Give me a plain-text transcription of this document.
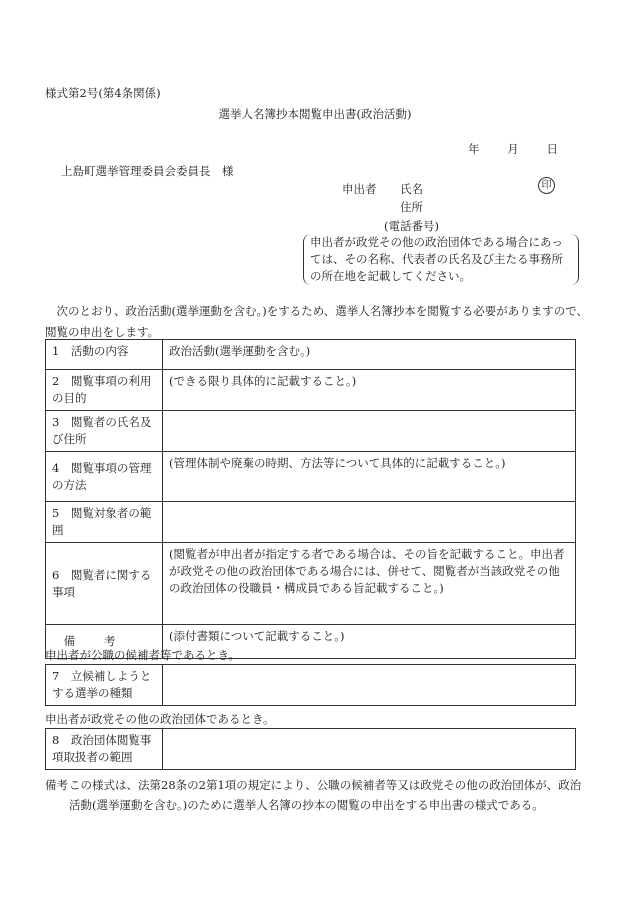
様式第2号(第4条関係)
選挙人名簿抄本閲覧申出書(政治活動)
年 月 日
上島町選挙管理委員会委員長　様
申出者 氏名	印
住所
(電話番号)
申出者が政党その他の政治団体である場合にあっては、その名称、代表者の氏名及び主たる事務所の所在地を記載してください。
次のとおり、政治活動(選挙運動を含む。)をするため、選挙人名簿抄本を閲覧する必要がありますので、閲覧の申出をします。
1　活動の内容	政治活動(選挙運動を含む。)
2　閲覧事項の利用の目的	(できる限り具体的に記載すること。)
3　閲覧者の氏名及び住所	
4　閲覧事項の管理の方法	(管理体制や廃棄の時期、方法等について具体的に記載すること。)
5　閲覧対象者の範囲	
6　閲覧者に関する事項	(閲覧者が申出者が指定する者である場合は、その旨を記載すること。申出者が政党その他の政治団体である場合には、併せて、閲覧者が当該政党その他の政治団体の役職員・構成員である旨記載すること。)
備考	(添付書類について記載すること。)
申出者が公職の候補者等であるとき。
7　立候補しようとする選挙の種類	
申出者が政党その他の政治団体であるとき。
8　政治団体閲覧事項取扱者の範囲	
備考 この様式は、法第28条の2第1項の規定により、公職の候補者等又は政党その他の政治団体が、政治活動(選挙運動を含む。)のために選挙人名簿の抄本の閲覧の申出をする申出書の様式である。
